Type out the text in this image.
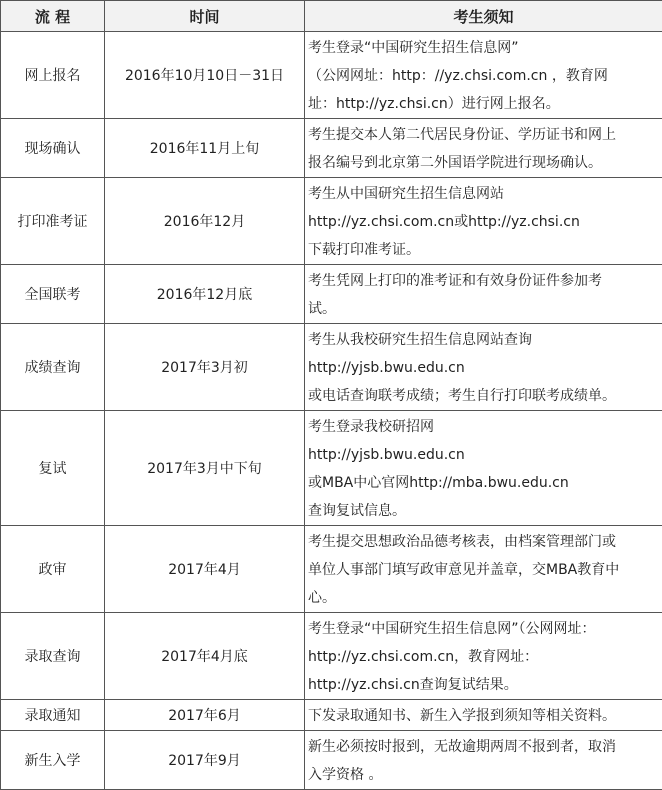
流 程	时间	考生须知
网上报名	2016年10月10日－31日	考生登录“中国研究生招生信息网”
（公网网址：http：//yz.chsi.com.cn ，教育网
址：http://yz.chsi.cn）进行网上报名。

现场确认	2016年11月上旬	考生提交本人第二代居民身份证、学历证书和网上
报名编号到北京第二外国语学院进行现场确认。

打印准考证	2016年12月	考生从中国研究生招生信息网站
http://yz.chsi.com.cn或http://yz.chsi.cn
下载打印准考证。

全国联考	2016年12月底	考生凭网上打印的准考证和有效身份证件参加考
试。

成绩查询	2017年3月初	考生从我校研究生招生信息网站查询
http://yjsb.bwu.edu.cn
或电话查询联考成绩；考生自行打印联考成绩单。

复试	2017年3月中下旬	考生登录我校研招网
http://yjsb.bwu.edu.cn
或MBA中心官网http://mba.bwu.edu.cn
查询复试信息。

政审	2017年4月	考生提交思想政治品德考核表，由档案管理部门或
单位人事部门填写政审意见并盖章，交MBA教育中
心。

录取查询	2017年4月底	考生登录“中国研究生招生信息网”（公网网址：
http://yz.chsi.com.cn，教育网址：
http://yz.chsi.cn查询复试结果。

录取通知	2017年6月	下发录取通知书、新生入学报到须知等相关资料。

新生入学	2017年9月	新生必须按时报到，无故逾期两周不报到者，取消
入学资格 。
